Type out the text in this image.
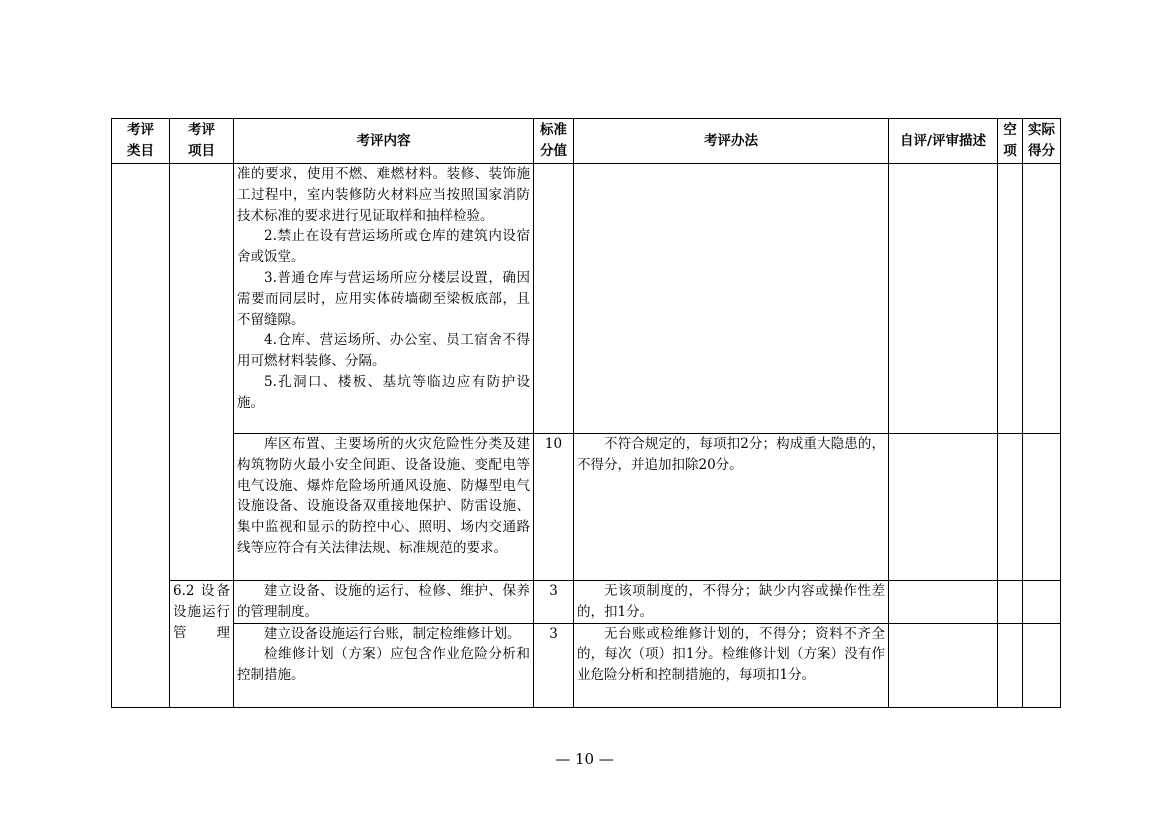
考评类目	考评项目	考评内容	标准分值	考评办法	自评/评审描述	空项	实际得分

		准的要求，使用不燃、难燃材料。装修、装饰施工过程中，室内装修防火材料应当按照国家消防技术标准的要求进行见证取样和抽样检验。
2.禁止在设有营运场所或仓库的建筑内设宿舍或饭堂。
3.普通仓库与营运场所应分楼层设置，确因需要而同层时，应用实体砖墙砌至梁板底部，且不留缝隙。
4.仓库、营运场所、办公室、员工宿舍不得用可燃材料装修、分隔。
5.孔洞口、楼板、基坑等临边应有防护设施。					

		库区布置、主要场所的火灾危险性分类及建构筑物防火最小安全间距、设备设施、变配电等电气设施、爆炸危险场所通风设施、防爆型电气设施设备、设施设备双重接地保护、防雷设施、集中监视和显示的防控中心、照明、场内交通路线等应符合有关法律法规、标准规范的要求。	10	不符合规定的，每项扣2分；构成重大隐患的，不得分，并追加扣除20分。			

	6.2 设备设施运行管理	建立设备、设施的运行、检修、维护、保养的管理制度。	3	无该项制度的，不得分；缺少内容或操作性差的，扣1分。			

		建立设备设施运行台账，制定检维修计划。
检维修计划（方案）应包含作业危险分析和控制措施。	3	无台账或检维修计划的，不得分；资料不齐全的，每次（项）扣1分。检维修计划（方案）没有作业危险分析和控制措施的，每项扣1分。			

— 10 —
